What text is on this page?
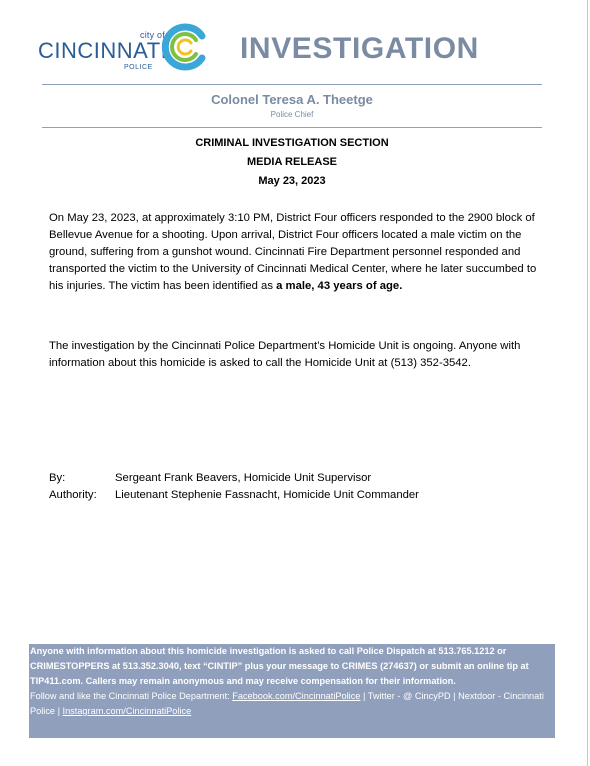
city of
CINCINNATI
POLICE
INVESTIGATION
Colonel Teresa A. Theetge
Police Chief
CRIMINAL INVESTIGATION SECTION
MEDIA RELEASE
May 23, 2023
On May 23, 2023, at approximately 3:10 PM, District Four officers responded to the 2900 block of Bellevue Avenue for a shooting. Upon arrival, District Four officers located a male victim on the ground, suffering from a gunshot wound. Cincinnati Fire Department personnel responded and transported the victim to the University of Cincinnati Medical Center, where he later succumbed to his injuries. The victim has been identified as a male, 43 years of age.
The investigation by the Cincinnati Police Department’s Homicide Unit is ongoing. Anyone with information about this homicide is asked to call the Homicide Unit at (513) 352-3542.
By:	Sergeant Frank Beavers, Homicide Unit Supervisor
Authority:	Lieutenant Stephenie Fassnacht, Homicide Unit Commander
Anyone with information about this homicide investigation is asked to call Police Dispatch at 513.765.1212 or CRIMESTOPPERS at 513.352.3040, text “CINTIP” plus your message to CRIMES (274637) or submit an online tip at TIP411.com. Callers may remain anonymous and may receive compensation for their information.
Follow and like the Cincinnati Police Department: Facebook.com/CincinnatiPolice | Twitter - @ CincyPD | Nextdoor - Cincinnati Police | Instagram.com/CincinnatiPolice
